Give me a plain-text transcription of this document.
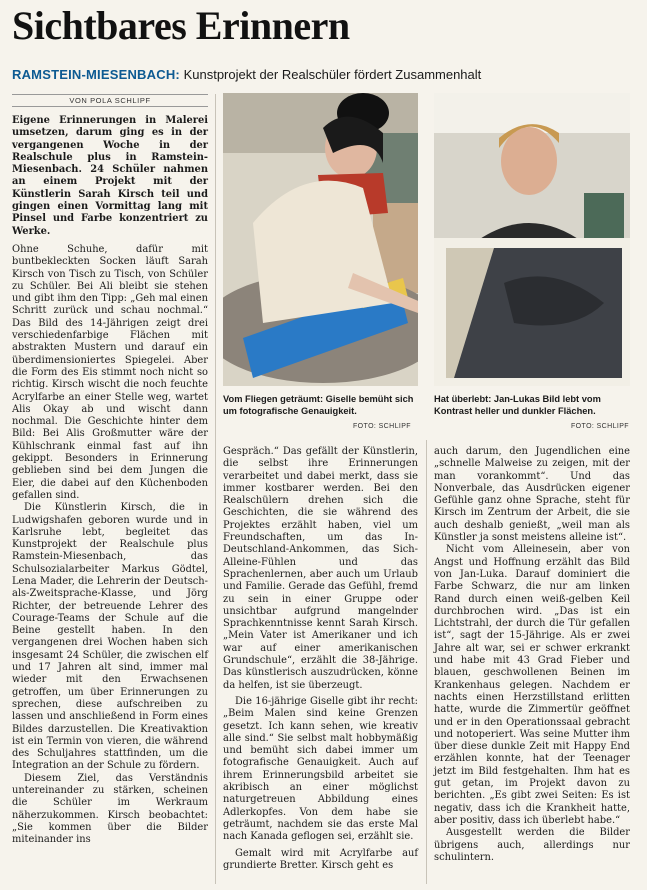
Sichtbares Erinnern
RAMSTEIN-MIESENBACH: Kunstprojekt der Realschüler fördert Zusammenhalt
VON POLA SCHLIPF

Eigene Erinnerungen in Malerei umsetzen, darum ging es in der vergangenen Woche in der Realschule plus in Ramstein-Miesenbach. 24 Schüler nahmen an einem Projekt mit der Künstlerin Sarah Kirsch teil und gingen einen Vormittag lang mit Pinsel und Farbe konzentriert zu Werke.

Ohne Schuhe, dafür mit buntbekleckten Socken läuft Sarah Kirsch von Tisch zu Tisch, von Schüler zu Schüler. Bei Ali bleibt sie stehen und gibt ihm den Tipp: „Geh mal einen Schritt zurück und schau nochmal.“ Das Bild des 14-Jährigen zeigt drei verschiedenfarbige Flächen mit abstrakten Mustern und darauf ein überdimensioniertes Spiegelei. Aber die Form des Eis stimmt noch nicht so richtig. Kirsch wischt die noch feuchte Acrylfarbe an einer Stelle weg, wartet Alis Okay ab und wischt dann nochmal. Die Geschichte hinter dem Bild: Bei Alis Großmutter wäre der Kühlschrank einmal fast auf ihn gekippt. Besonders in Erinnerung geblieben sind bei dem Jungen die Eier, die dabei auf den Küchenboden gefallen sind.

Die Künstlerin Kirsch, die in Ludwigshafen geboren wurde und in Karlsruhe lebt, begleitet das Kunstprojekt der Realschule plus Ramstein-Miesenbach, das Schulsozialarbeiter Markus Gödtel, Lena Mader, die Lehrerin der Deutsch-als-Zweitsprache-Klasse, und Jörg Richter, der betreuende Lehrer des Courage-Teams der Schule auf die Beine gestellt haben. In den vergangenen drei Wochen haben sich insgesamt 24 Schüler, die zwischen elf und 17 Jahren alt sind, immer mal wieder mit den Erwachsenen getroffen, um über Erinnerungen zu sprechen, diese aufschreiben zu lassen und anschließend in Form eines Bildes darzustellen. Die Kreativaktion ist ein Termin von vieren, die während des Schuljahres stattfinden, um die Integration an der Schule zu fördern.

Diesem Ziel, das Verständnis untereinander zu stärken, scheinen die Schüler im Werkraum näherzukommen. Kirsch beobachtet: „Sie kommen über die Bilder miteinander ins

Vom Fliegen geträumt: Giselle bemüht sich um fotografische Genauigkeit.
FOTO: SCHLIPF
Hat überlebt: Jan-Lukas Bild lebt vom Kontrast heller und dunkler Flächen.
FOTO: SCHLIPF

Gespräch.“ Das gefällt der Künstlerin, die selbst ihre Erinnerungen verarbeitet und dabei merkt, dass sie immer kostbarer werden. Bei den Realschülern drehen sich die Geschichten, die sie während des Projektes erzählt haben, viel um Freundschaften, um das In-Deutschland-Ankommen, das Sich-Alleine-Fühlen und das Sprachenlernen, aber auch um Urlaub und Familie. Gerade das Gefühl, fremd zu sein in einer Gruppe oder unsichtbar aufgrund mangelnder Sprachkenntnisse kennt Sarah Kirsch. „Mein Vater ist Amerikaner und ich war auf einer amerikanischen Grundschule“, erzählt die 38-Jährige. Das künstlerisch auszudrücken, könne da helfen, ist sie überzeugt.

Die 16-jährige Giselle gibt ihr recht: „Beim Malen sind keine Grenzen gesetzt. Ich kann sehen, wie kreativ alle sind.“ Sie selbst malt hobbymäßig und bemüht sich dabei immer um fotografische Genauigkeit. Auch auf ihrem Erinnerungsbild arbeitet sie akribisch an einer möglichst naturgetreuen Abbildung eines Adlerkopfes. Von dem habe sie geträumt, nachdem sie das erste Mal nach Kanada geflogen sei, erzählt sie.

Gemalt wird mit Acrylfarbe auf grundierte Bretter. Kirsch geht es

auch darum, den Jugendlichen eine „schnelle Malweise zu zeigen, mit der man vorankommt“. Und das Nonverbale, das Ausdrücken eigener Gefühle ganz ohne Sprache, steht für Kirsch im Zentrum der Arbeit, die sie auch deshalb genießt, „weil man als Künstler ja sonst meistens alleine ist“.

Nicht vom Alleinesein, aber von Angst und Hoffnung erzählt das Bild von Jan-Luka. Darauf dominiert die Farbe Schwarz, die nur am linken Rand durch einen weiß-gelben Keil durchbrochen wird. „Das ist ein Lichtstrahl, der durch die Tür gefallen ist“, sagt der 15-Jährige. Als er zwei Jahre alt war, sei er schwer erkrankt und habe mit 43 Grad Fieber und blauen, geschwollenen Beinen im Krankenhaus gelegen. Nachdem er nachts einen Herzstillstand erlitten hatte, wurde die Zimmertür geöffnet und er in den Operationssaal gebracht und notoperiert. Was seine Mutter ihm über diese dunkle Zeit mit Happy End erzählen konnte, hat der Teenager jetzt im Bild festgehalten. Ihm hat es gut getan, im Projekt davon zu berichten. „Es gibt zwei Seiten: Es ist negativ, dass ich die Krankheit hatte, aber positiv, dass ich überlebt habe.“

Ausgestellt werden die Bilder übrigens auch, allerdings nur schulintern.
